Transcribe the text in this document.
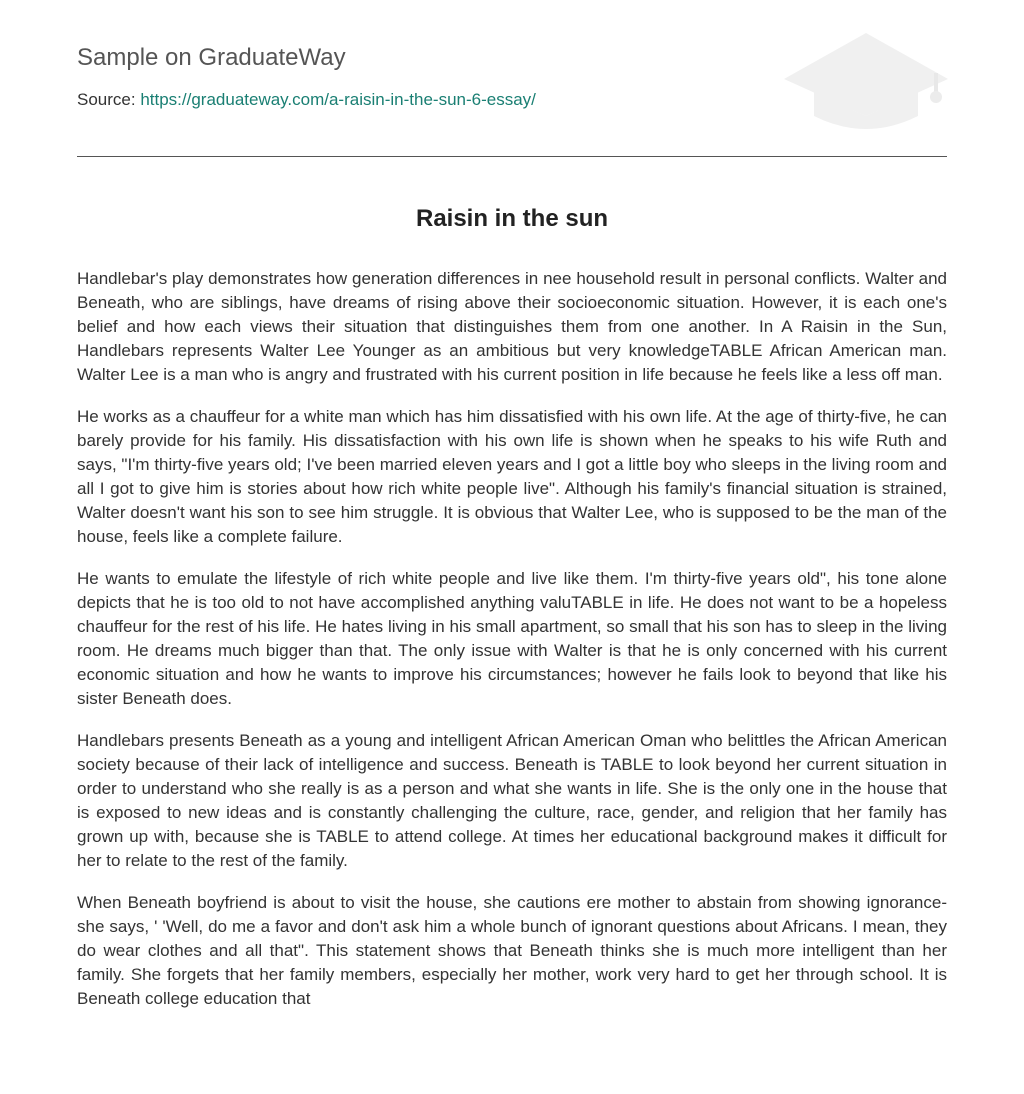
Sample on GraduateWay
Source: https://graduateway.com/a-raisin-in-the-sun-6-essay/
Raisin in the sun

Handlebar's play demonstrates how generation differences in nee household result in personal conflicts. Walter and Beneath, who are siblings, have dreams of rising above their socioeconomic situation. However, it is each one's belief and how each views their situation that distinguishes them from one another. In A Raisin in the Sun, Handlebars represents Walter Lee Younger as an ambitious but very knowledgeTABLE African American man. Walter Lee is a man who is angry and frustrated with his current position in life because he feels like a less off man.

He works as a chauffeur for a white man which has him dissatisfied with his own life. At the age of thirty-five, he can barely provide for his family. His dissatisfaction with his own life is shown when he speaks to his wife Ruth and says, "I'm thirty-five years old; I've been married eleven years and I got a little boy who sleeps in the living room and all I got to give him is stories about how rich white people live". Although his family's financial situation is strained, Walter doesn't want his son to see him struggle. It is obvious that Walter Lee, who is supposed to be the man of the house, feels like a complete failure.

He wants to emulate the lifestyle of rich white people and live like them. I'm thirty-five years old", his tone alone depicts that he is too old to not have accomplished anything valuTABLE in life. He does not want to be a hopeless chauffeur for the rest of his life. He hates living in his small apartment, so small that his son has to sleep in the living room. He dreams much bigger than that. The only issue with Walter is that he is only concerned with his current economic situation and how he wants to improve his circumstances; however he fails look to beyond that like his sister Beneath does.

Handlebars presents Beneath as a young and intelligent African American Oman who belittles the African American society because of their lack of intelligence and success. Beneath is TABLE to look beyond her current situation in order to understand who she really is as a person and what she wants in life. She is the only one in the house that is exposed to new ideas and is constantly challenging the culture, race, gender, and religion that her family has grown up with, because she is TABLE to attend college. At times her educational background makes it difficult for her to relate to the rest of the family.

When Beneath boyfriend is about to visit the house, she cautions ere mother to abstain from showing ignorance-she says, ' 'Well, do me a favor and don't ask him a whole bunch of ignorant questions about Africans. I mean, they do wear clothes and all that". This statement shows that Beneath thinks she is much more intelligent than her family. She forgets that her family members, especially her mother, work very hard to get her through school. It is Beneath college education that
